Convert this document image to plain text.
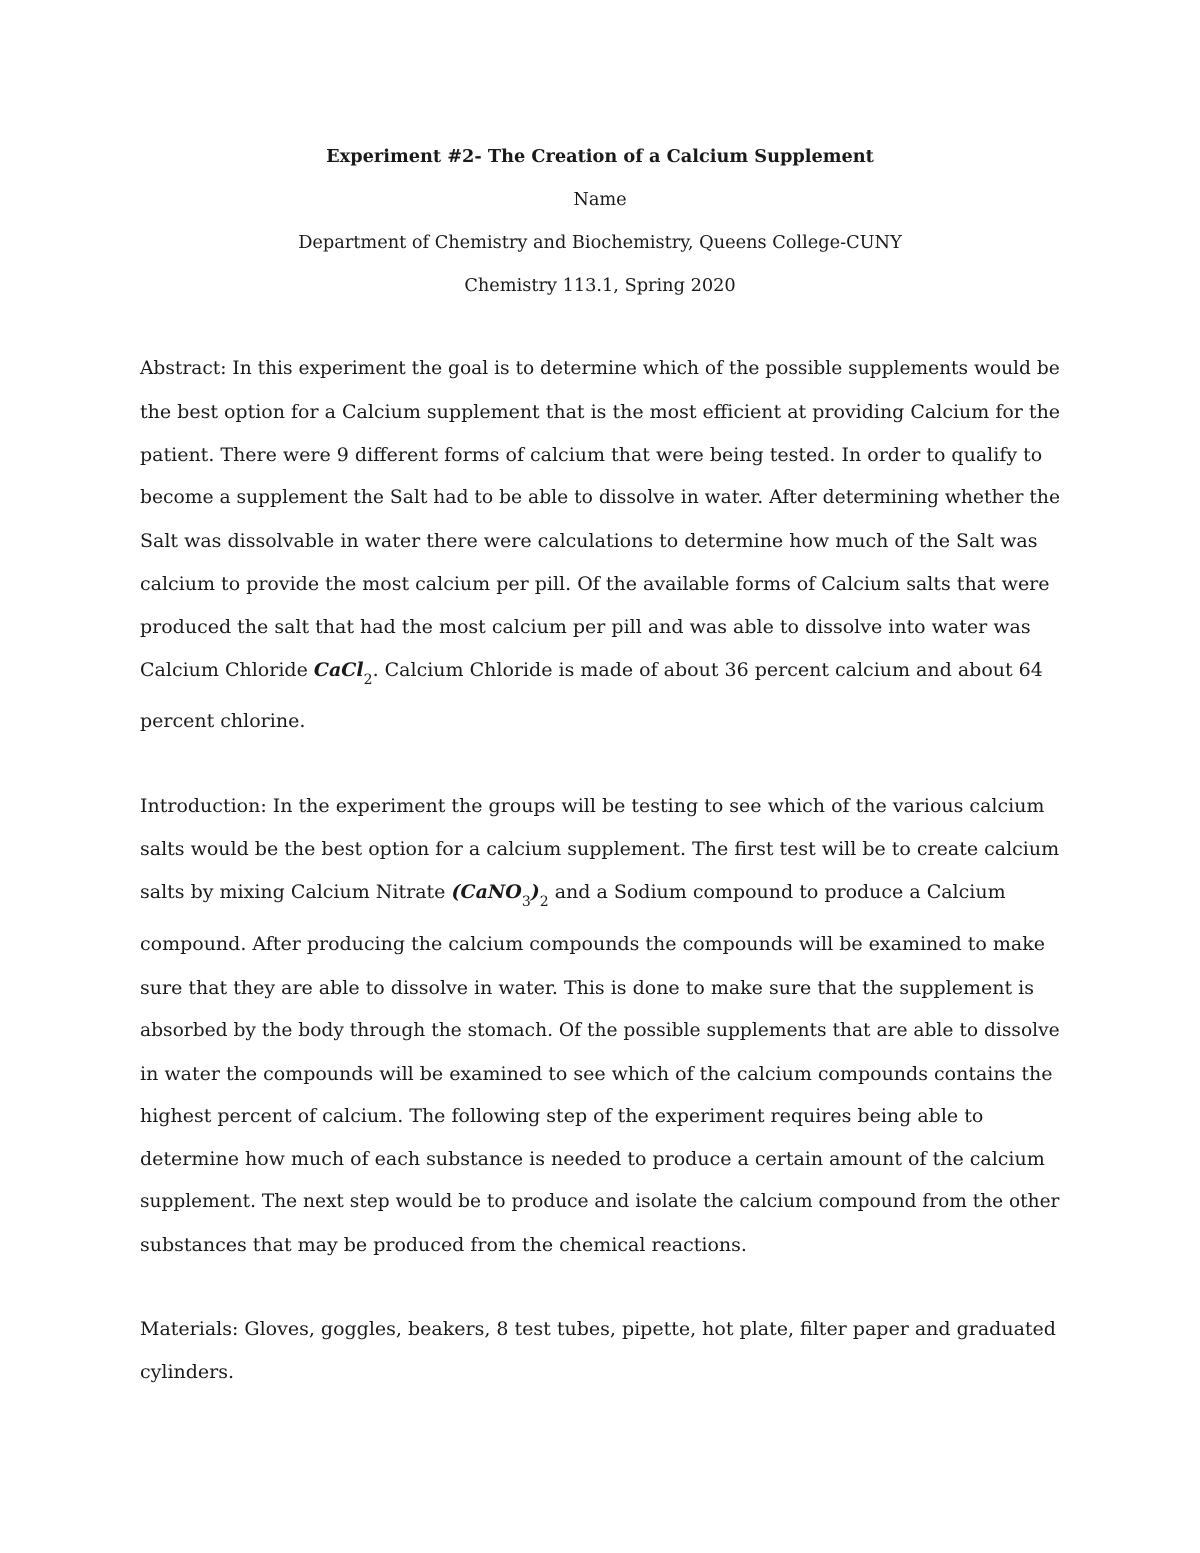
Experiment #2- The Creation of a Calcium Supplement
Name
Department of Chemistry and Biochemistry, Queens College-CUNY
Chemistry 113.1, Spring 2020
Abstract: In this experiment the goal is to determine which of the possible supplements would be
the best option for a Calcium supplement that is the most efficient at providing Calcium for the
patient. There were 9 different forms of calcium that were being tested. In order to qualify to
become a supplement the Salt had to be able to dissolve in water. After determining whether the
Salt was dissolvable in water there were calculations to determine how much of the Salt was
calcium to provide the most calcium per pill. Of the available forms of Calcium salts that were
produced the salt that had the most calcium per pill and was able to dissolve into water was
Calcium Chloride CaCl$_2$. Calcium Chloride is made of about 36 percent calcium and about 64
percent chlorine.
Introduction: In the experiment the groups will be testing to see which of the various calcium
salts would be the best option for a calcium supplement. The first test will be to create calcium
salts by mixing Calcium Nitrate $(CaNO_3)_2$ and a Sodium compound to produce a Calcium
compound. After producing the calcium compounds the compounds will be examined to make
sure that they are able to dissolve in water. This is done to make sure that the supplement is
absorbed by the body through the stomach. Of the possible supplements that are able to dissolve
in water the compounds will be examined to see which of the calcium compounds contains the
highest percent of calcium. The following step of the experiment requires being able to
determine how much of each substance is needed to produce a certain amount of the calcium
supplement. The next step would be to produce and isolate the calcium compound from the other
substances that may be produced from the chemical reactions.
Materials: Gloves, goggles, beakers, 8 test tubes, pipette, hot plate, filter paper and graduated
cylinders.
